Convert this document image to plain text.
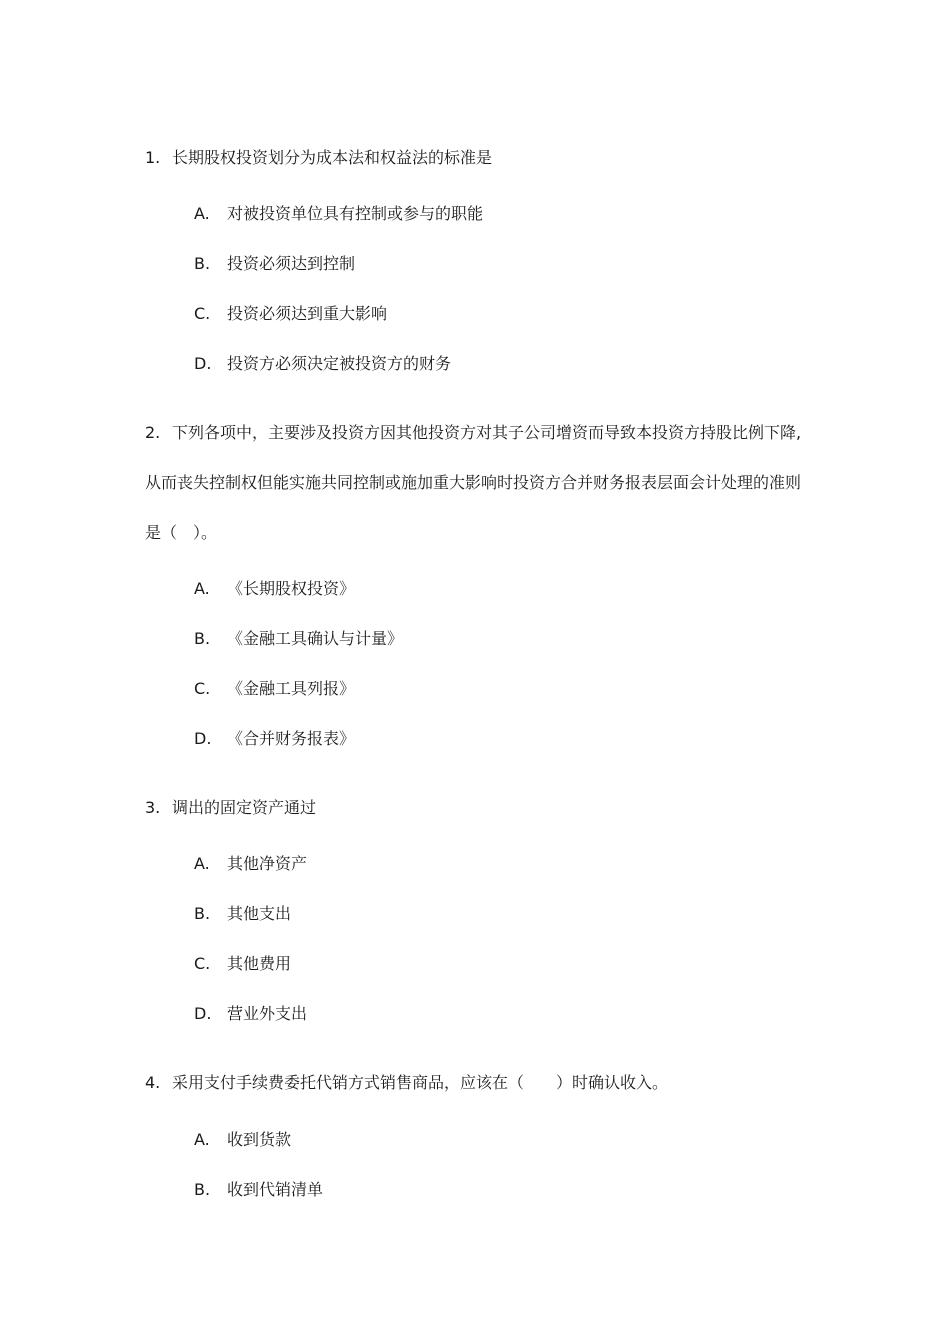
1. 长期股权投资划分为成本法和权益法的标准是
A. 对被投资单位具有控制或参与的职能
B. 投资必须达到控制
C. 投资必须达到重大影响
D. 投资方必须决定被投资方的财务
2. 下列各项中，主要涉及投资方因其他投资方对其子公司增资而导致本投资方持股比例下降,从而丧失控制权但能实施共同控制或施加重大影响时投资方合并财务报表层面会计处理的准则是（　）。
A. 《长期股权投资》
B. 《金融工具确认与计量》
C. 《金融工具列报》
D. 《合并财务报表》
3. 调出的固定资产通过
A. 其他净资产
B. 其他支出
C. 其他费用
D. 营业外支出
4. 采用支付手续费委托代销方式销售商品，应该在（　　）时确认收入。
A. 收到货款
B. 收到代销清单
